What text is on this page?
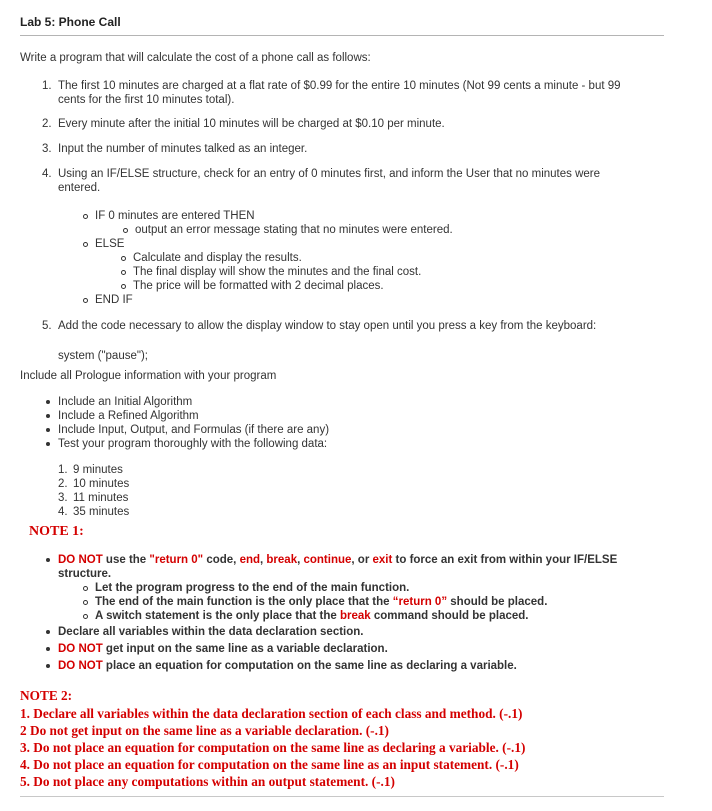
Lab 5: Phone Call
Write a program that will calculate the cost of a phone call as follows:
1. The first 10 minutes are charged at a flat rate of $0.99 for the entire 10 minutes (Not 99 cents a minute - but 99
cents for the first 10 minutes total).
2. Every minute after the initial 10 minutes will be charged at $0.10 per minute.
3. Input the number of minutes talked as an integer.
4. Using an IF/ELSE structure, check for an entry of 0 minutes first, and inform the User that no minutes were
entered.
IF 0 minutes are entered THEN
output an error message stating that no minutes were entered.
ELSE
Calculate and display the results.
The final display will show the minutes and the final cost.
The price will be formatted with 2 decimal places.
END IF
5. Add the code necessary to allow the display window to stay open until you press a key from the keyboard:
system ("pause");
Include all Prologue information with your program
Include an Initial Algorithm
Include a Refined Algorithm
Include Input, Output, and Formulas (if there are any)
Test your program thoroughly with the following data:
1. 9 minutes
2. 10 minutes
3. 11 minutes
4. 35 minutes
NOTE 1:
DO NOT use the "return 0" code, end, break, continue, or exit to force an exit from within your IF/ELSE
structure.
Let the program progress to the end of the main function.
The end of the main function is the only place that the “return 0” should be placed.
A switch statement is the only place that the break command should be placed.
Declare all variables within the data declaration section.
DO NOT get input on the same line as a variable declaration.
DO NOT place an equation for computation on the same line as declaring a variable.
NOTE 2:
1. Declare all variables within the data declaration section of each class and method. (-.1)
2 Do not get input on the same line as a variable declaration. (-.1)
3. Do not place an equation for computation on the same line as declaring a variable. (-.1)
4. Do not place an equation for computation on the same line as an input statement. (-.1)
5. Do not place any computations within an output statement. (-.1)
